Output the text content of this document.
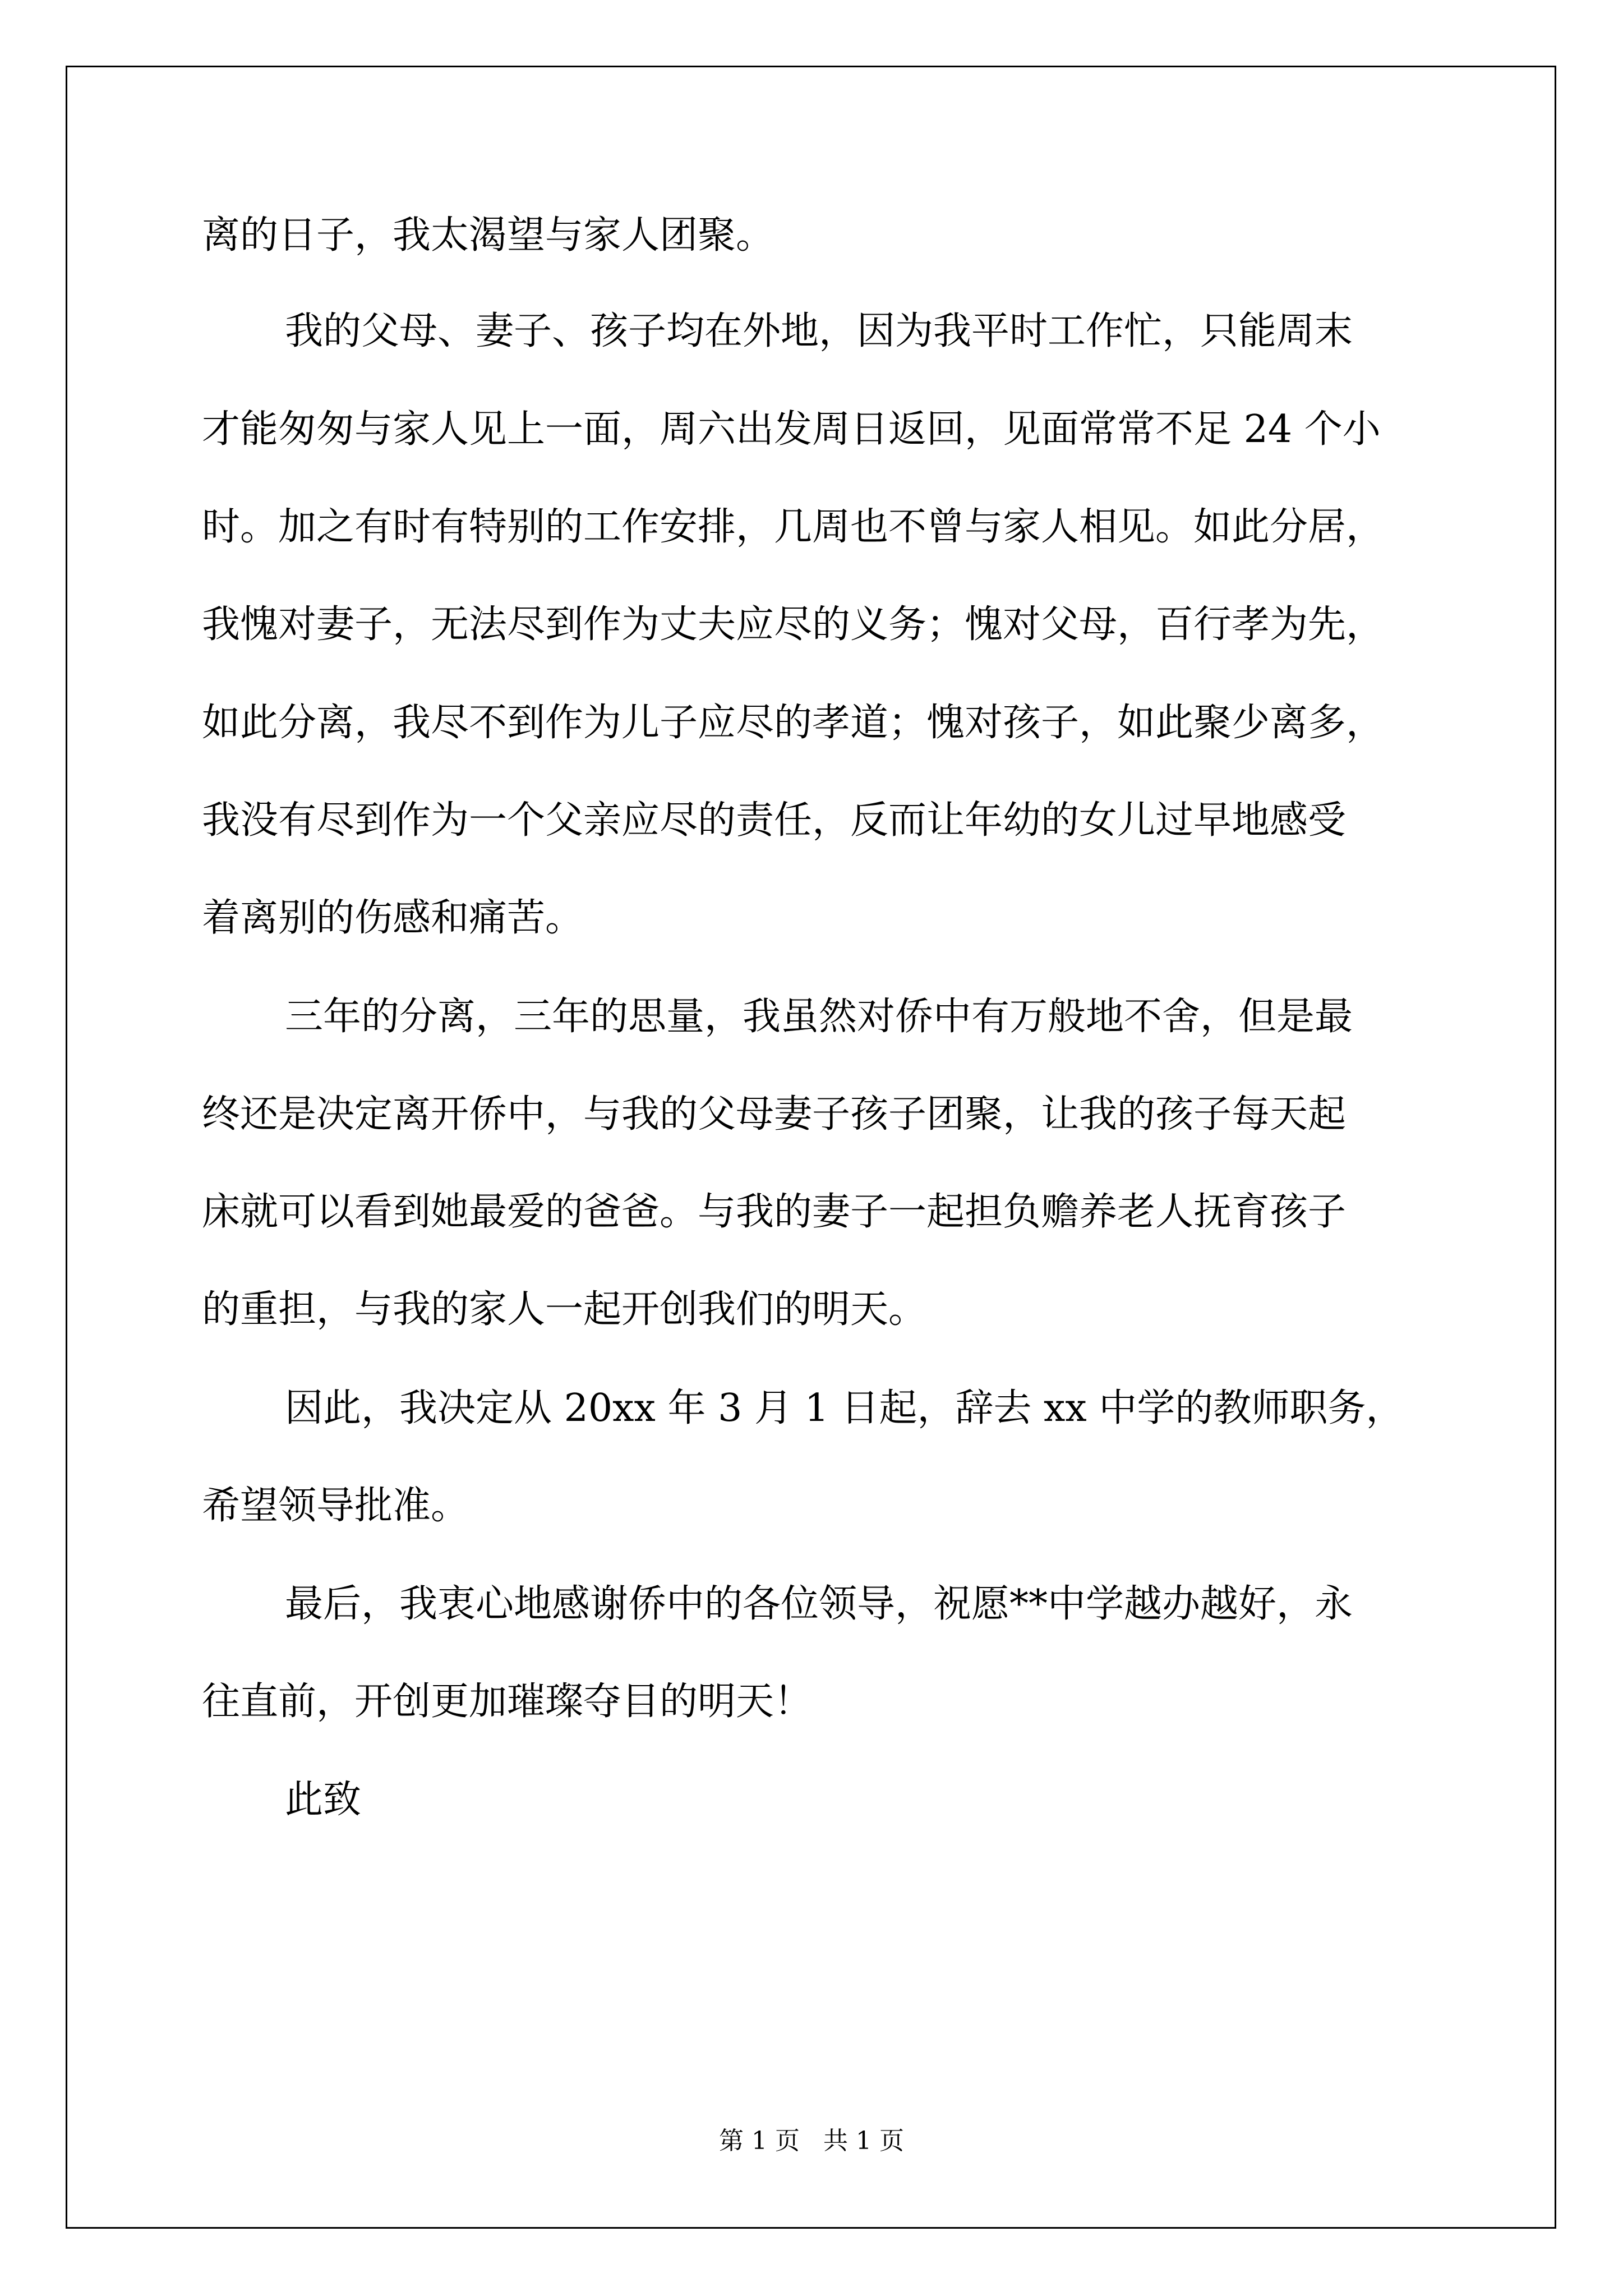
离的日子，我太渴望与家人团聚。
我的父母、妻子、孩子均在外地，因为我平时工作忙，只能周末
才能匆匆与家人见上一面，周六出发周日返回，见面常常不足 24 个小
时。加之有时有特别的工作安排，几周也不曾与家人相见。如此分居，
我愧对妻子，无法尽到作为丈夫应尽的义务；愧对父母，百行孝为先，
如此分离，我尽不到作为儿子应尽的孝道；愧对孩子，如此聚少离多，
我没有尽到作为一个父亲应尽的责任，反而让年幼的女儿过早地感受
着离别的伤感和痛苦。
三年的分离，三年的思量，我虽然对侨中有万般地不舍，但是最
终还是决定离开侨中，与我的父母妻子孩子团聚，让我的孩子每天起
床就可以看到她最爱的爸爸。与我的妻子一起担负赡养老人抚育孩子
的重担，与我的家人一起开创我们的明天。
因此，我决定从 20xx 年 3 月 1 日起，辞去 xx 中学的教师职务，
希望领导批准。
最后，我衷心地感谢侨中的各位领导，祝愿**中学越办越好，永
往直前，开创更加璀璨夺目的明天！
此致
第 1 页   共 1 页
